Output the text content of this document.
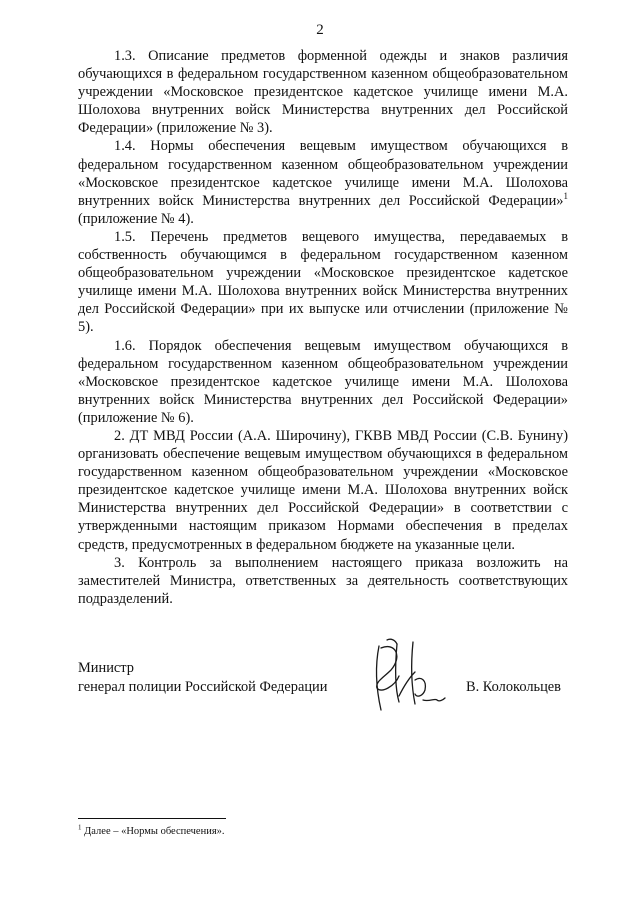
2

1.3. Описание предметов форменной одежды и знаков различия обучающихся в федеральном государственном казенном общеобразовательном учреждении «Московское президентское кадетское училище имени М.А. Шолохова внутренних войск Министерства внутренних дел Российской Федерации» (приложение № 3).

1.4. Нормы обеспечения вещевым имуществом обучающихся в федеральном государственном казенном общеобразовательном учреждении «Московское президентское кадетское училище имени М.А. Шолохова внутренних войск Министерства внутренних дел Российской Федерации»$^1$ (приложение № 4).

1.5. Перечень предметов вещевого имущества, передаваемых в собственность обучающимся в федеральном государственном казенном общеобразовательном учреждении «Московское президентское кадетское училище имени М.А. Шолохова внутренних войск Министерства внутренних дел Российской Федерации» при их выпуске или отчислении (приложение № 5).

1.6. Порядок обеспечения вещевым имуществом обучающихся в федеральном государственном казенном общеобразовательном учреждении «Московское президентское кадетское училище имени М.А. Шолохова внутренних войск Министерства внутренних дел Российской Федерации» (приложение № 6).

2. ДТ МВД России (А.А. Широчину), ГКВВ МВД России (С.В. Бунину) организовать обеспечение вещевым имуществом обучающихся в федеральном государственном казенном общеобразовательном учреждении «Московское президентское кадетское училище имени М.А. Шолохова внутренних войск Министерства внутренних дел Российской Федерации» в соответствии с утвержденными настоящим приказом Нормами обеспечения в пределах средств, предусмотренных в федеральном бюджете на указанные цели.

3. Контроль за выполнением настоящего приказа возложить на заместителей Министра, ответственных за деятельность соответствующих подразделений.

Министр
генерал полиции Российской Федерации	В. Колокольцев
$^1$ Далее – «Нормы обеспечения».
